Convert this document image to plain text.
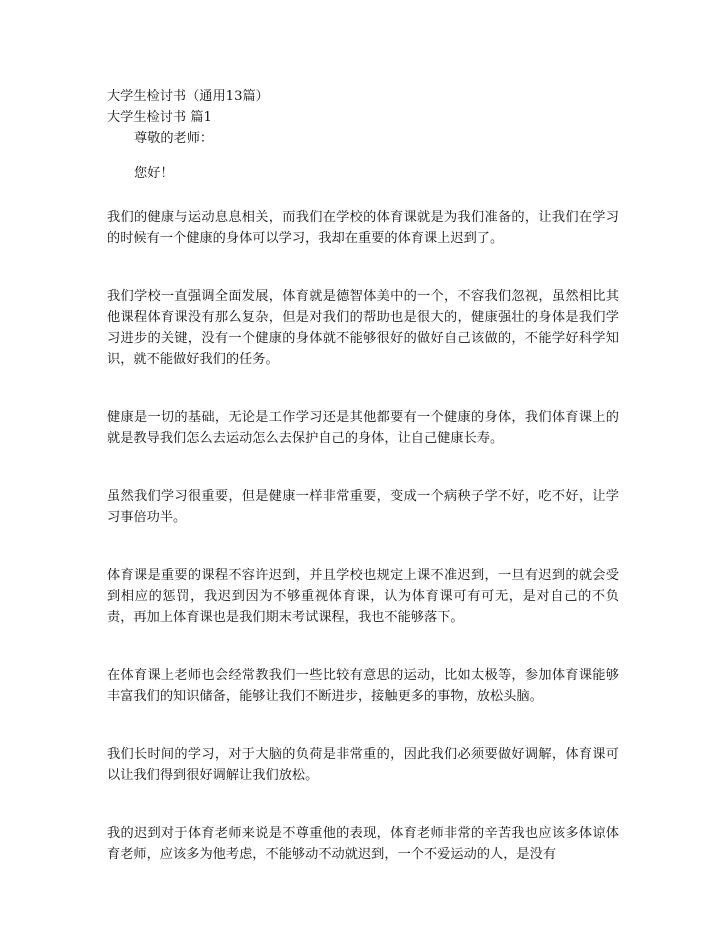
大学生检讨书（通用13篇）
大学生检讨书 篇1
尊敬的老师：
您好！
我们的健康与运动息息相关，而我们在学校的体育课就是为我们准备的，让我们在学习的时候有一个健康的身体可以学习，我却在重要的体育课上迟到了。
我们学校一直强调全面发展，体育就是德智体美中的一个，不容我们忽视，虽然相比其他课程体育课没有那么复杂，但是对我们的帮助也是很大的，健康强壮的身体是我们学习进步的关键，没有一个健康的身体就不能够很好的做好自己该做的，不能学好科学知识，就不能做好我们的任务。
健康是一切的基础，无论是工作学习还是其他都要有一个健康的身体，我们体育课上的就是教导我们怎么去运动怎么去保护自己的身体，让自己健康长寿。
虽然我们学习很重要，但是健康一样非常重要，变成一个病秧子学不好，吃不好，让学习事倍功半。
体育课是重要的课程不容许迟到，并且学校也规定上课不准迟到，一旦有迟到的就会受到相应的惩罚，我迟到因为不够重视体育课，认为体育课可有可无，是对自己的不负责，再加上体育课也是我们期末考试课程，我也不能够落下。
在体育课上老师也会经常教我们一些比较有意思的运动，比如太极等，参加体育课能够丰富我们的知识储备，能够让我们不断进步，接触更多的事物，放松头脑。
我们长时间的学习，对于大脑的负荷是非常重的，因此我们必须要做好调解，体育课可以让我们得到很好调解让我们放松。
我的迟到对于体育老师来说是不尊重他的表现，体育老师非常的辛苦我也应该多体谅体育老师，应该多为他考虑，不能够动不动就迟到，一个不爱运动的人，是没有
